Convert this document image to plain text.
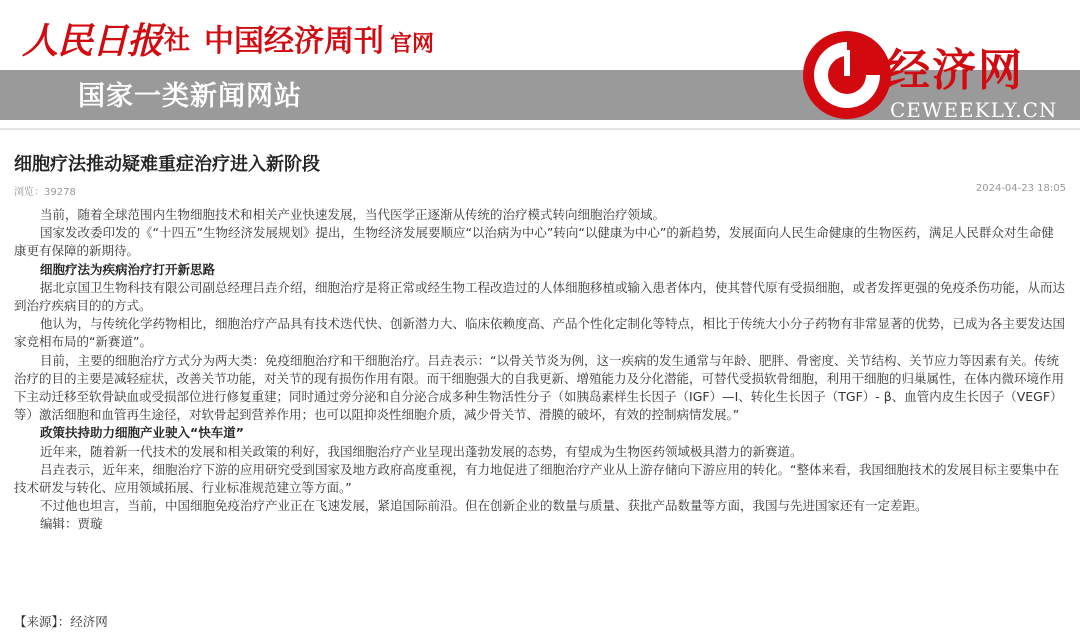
人民日报 社 中国经济周刊 官网
国家一类新闻网站
经济网
CEWEEKLY.CN
细胞疗法推动疑难重症治疗进入新阶段
浏览：39278	2024-04-23 18:05

当前，随着全球范围内生物细胞技术和相关产业快速发展，当代医学正逐渐从传统的治疗模式转向细胞治疗领域。

国家发改委印发的《“十四五”生物经济发展规划》提出，生物经济发展要顺应“以治病为中心”转向“以健康为中心”的新趋势，发展面向人民生命健康的生物医药，满足人民群众对生命健康更有保障的新期待。

细胞疗法为疾病治疗打开新思路

据北京国卫生物科技有限公司副总经理吕垚介绍，细胞治疗是将正常或经生物工程改造过的人体细胞移植或输入患者体内，使其替代原有受损细胞，或者发挥更强的免疫杀伤功能，从而达到治疗疾病目的的方式。

他认为，与传统化学药物相比，细胞治疗产品具有技术迭代快、创新潜力大、临床依赖度高、产品个性化定制化等特点，相比于传统大小分子药物有非常显著的优势，已成为各主要发达国家竞相布局的“新赛道”。

目前，主要的细胞治疗方式分为两大类：免疫细胞治疗和干细胞治疗。吕垚表示：“以骨关节炎为例，这一疾病的发生通常与年龄、肥胖、骨密度、关节结构、关节应力等因素有关。传统治疗的目的主要是减轻症状，改善关节功能，对关节的现有损伤作用有限。而干细胞强大的自我更新、增殖能力及分化潜能，可替代受损软骨细胞，利用干细胞的归巢属性，在体内微环境作用下主动迁移至软骨缺血或受损部位进行修复重建；同时通过旁分泌和自分泌合成多种生物活性分子（如胰岛素样生长因子（IGF）—I、转化生长因子（TGF）- β、血管内皮生长因子（VEGF）等）激活细胞和血管再生途径，对软骨起到营养作用；也可以阻抑炎性细胞介质，减少骨关节、滑膜的破坏，有效的控制病情发展。”

政策扶持助力细胞产业驶入“快车道”

近年来，随着新一代技术的发展和相关政策的利好，我国细胞治疗产业呈现出蓬勃发展的态势，有望成为生物医药领域极具潜力的新赛道。

吕垚表示，近年来，细胞治疗下游的应用研究受到国家及地方政府高度重视，有力地促进了细胞治疗产业从上游存储向下游应用的转化。“整体来看，我国细胞技术的发展目标主要集中在技术研发与转化、应用领域拓展、行业标准规范建立等方面。”

不过他也坦言，当前，中国细胞免疫治疗产业正在飞速发展，紧追国际前沿。但在创新企业的数量与质量、获批产品数量等方面，我国与先进国家还有一定差距。

编辑：贾璇

【来源】：经济网
